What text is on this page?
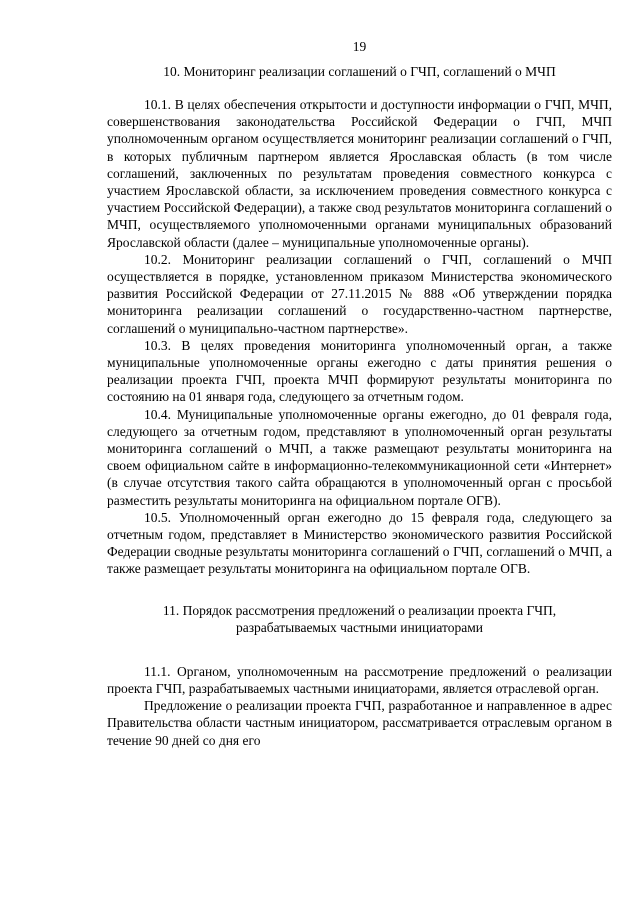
19

10. Мониторинг реализации соглашений о ГЧП, соглашений о МЧП

10.1. В целях обеспечения открытости и доступности информации о ГЧП, МЧП, совершенствования законодательства Российской Федерации о ГЧП, МЧП уполномоченным органом осуществляется мониторинг реализации соглашений о ГЧП, в которых публичным партнером является Ярославская область (в том числе соглашений, заключенных по результатам проведения совместного конкурса с участием Ярославской области, за исключением проведения совместного конкурса с участием Российской Федерации), а также свод результатов мониторинга соглашений о МЧП, осуществляемого уполномоченными органами муниципальных образований Ярославской области (далее – муниципальные уполномоченные органы).

10.2. Мониторинг реализации соглашений о ГЧП, соглашений о МЧП осуществляется в порядке, установленном приказом Министерства экономического развития Российской Федерации от 27.11.2015 № 888 «Об утверждении порядка мониторинга реализации соглашений о государственно-частном партнерстве, соглашений о муниципально-частном партнерстве».

10.3. В целях проведения мониторинга уполномоченный орган, а также муниципальные уполномоченные органы ежегодно с даты принятия решения о реализации проекта ГЧП, проекта МЧП формируют результаты мониторинга по состоянию на 01 января года, следующего за отчетным годом.

10.4. Муниципальные уполномоченные органы ежегодно, до 01 февраля года, следующего за отчетным годом, представляют в уполномоченный орган результаты мониторинга соглашений о МЧП, а также размещают результаты мониторинга на своем официальном сайте в информационно-телекоммуникационной сети «Интернет» (в случае отсутствия такого сайта обращаются в уполномоченный орган с просьбой разместить результаты мониторинга на официальном портале ОГВ).

10.5. Уполномоченный орган ежегодно до 15 февраля года, следующего за отчетным годом, представляет в Министерство экономического развития Российской Федерации сводные результаты мониторинга соглашений о ГЧП, соглашений о МЧП, а также размещает результаты мониторинга на официальном портале ОГВ.

11. Порядок рассмотрения предложений о реализации проекта ГЧП,
разрабатываемых частными инициаторами

11.1. Органом, уполномоченным на рассмотрение предложений о реализации проекта ГЧП, разрабатываемых частными инициаторами, является отраслевой орган.

Предложение о реализации проекта ГЧП, разработанное и направленное в адрес Правительства области частным инициатором, рассматривается отраслевым органом в течение 90 дней со дня его
